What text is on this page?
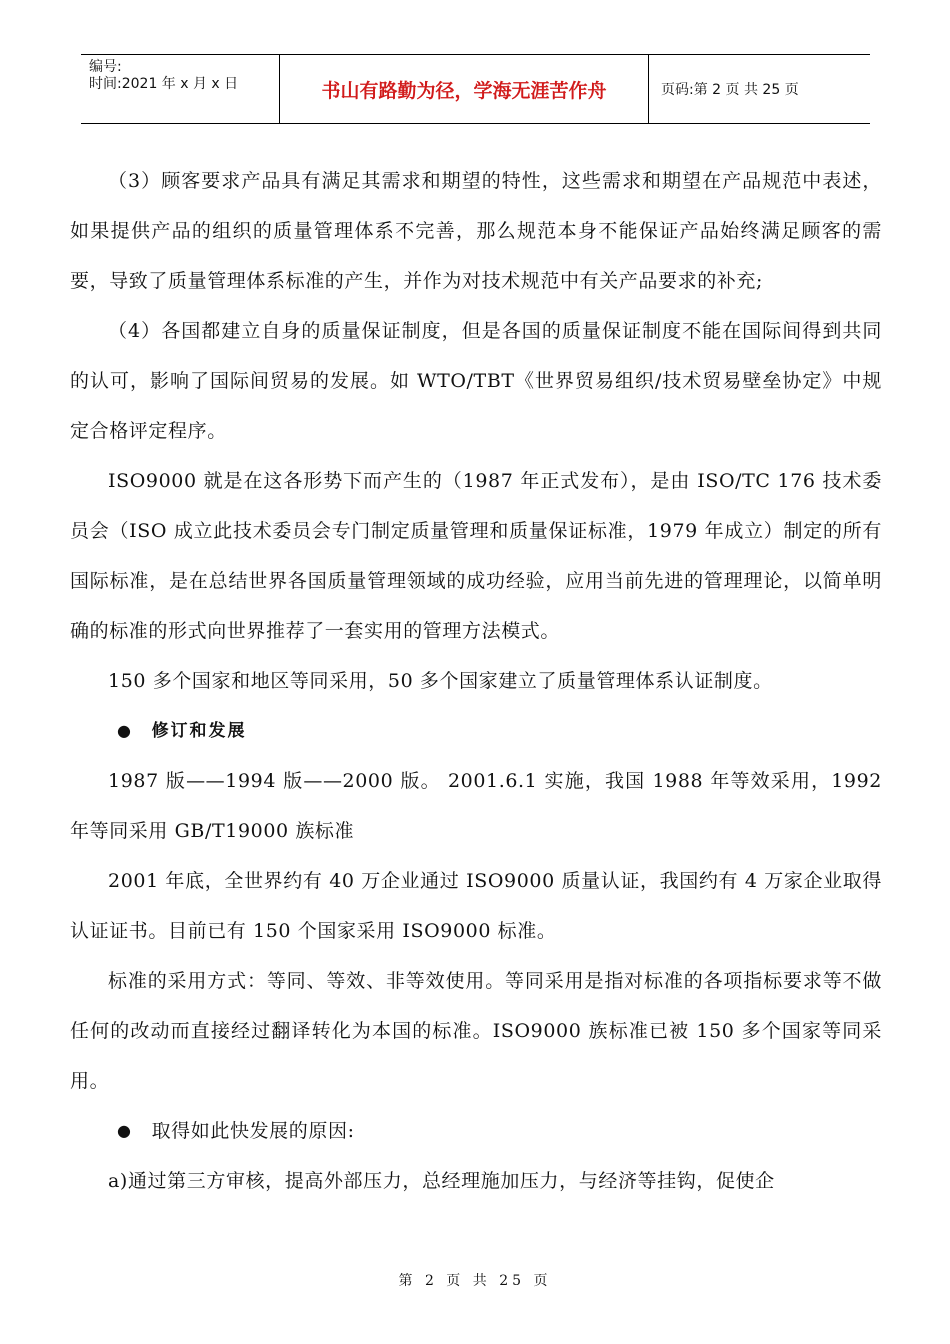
编号:
时间:2021 年 x 月 x 日	书山有路勤为径，学海无涯苦作舟	页码:第 2 页 共 25 页

（3）顾客要求产品具有满足其需求和期望的特性，这些需求和期望在产品规范中表述，如果提供产品的组织的质量管理体系不完善，那么规范本身不能保证产品始终满足顾客的需要，导致了质量管理体系标准的产生，并作为对技术规范中有关产品要求的补充;

（4）各国都建立自身的质量保证制度，但是各国的质量保证制度不能在国际间得到共同的认可，影响了国际间贸易的发展。如 WTO/TBT《世界贸易组织/技术贸易壁垒协定》中规定合格评定程序。

ISO9000 就是在这各形势下而产生的（1987 年正式发布），是由 ISO/TC 176 技术委员会（ISO 成立此技术委员会专门制定质量管理和质量保证标准，1979 年成立）制定的所有国际标准，是在总结世界各国质量管理领域的成功经验，应用当前先进的管理理论，以简单明确的标准的形式向世界推荐了一套实用的管理方法模式。

150 多个国家和地区等同采用，50 多个国家建立了质量管理体系认证制度。

● 修订和发展

1987 版——1994 版——2000 版。 2001.6.1 实施，我国 1988 年等效采用，1992 年等同采用 GB/T19000 族标准

2001 年底，全世界约有 40 万企业通过 ISO9000 质量认证，我国约有 4 万家企业取得认证证书。目前已有 150 个国家采用 ISO9000 标准。

标准的采用方式：等同、等效、非等效使用。等同采用是指对标准的各项指标要求等不做任何的改动而直接经过翻译转化为本国的标准。ISO9000 族标准已被 150 多个国家等同采用。

● 取得如此快发展的原因:

a)通过第三方审核，提高外部压力，总经理施加压力，与经济等挂钩，促使企

第 2 页 共 25 页
